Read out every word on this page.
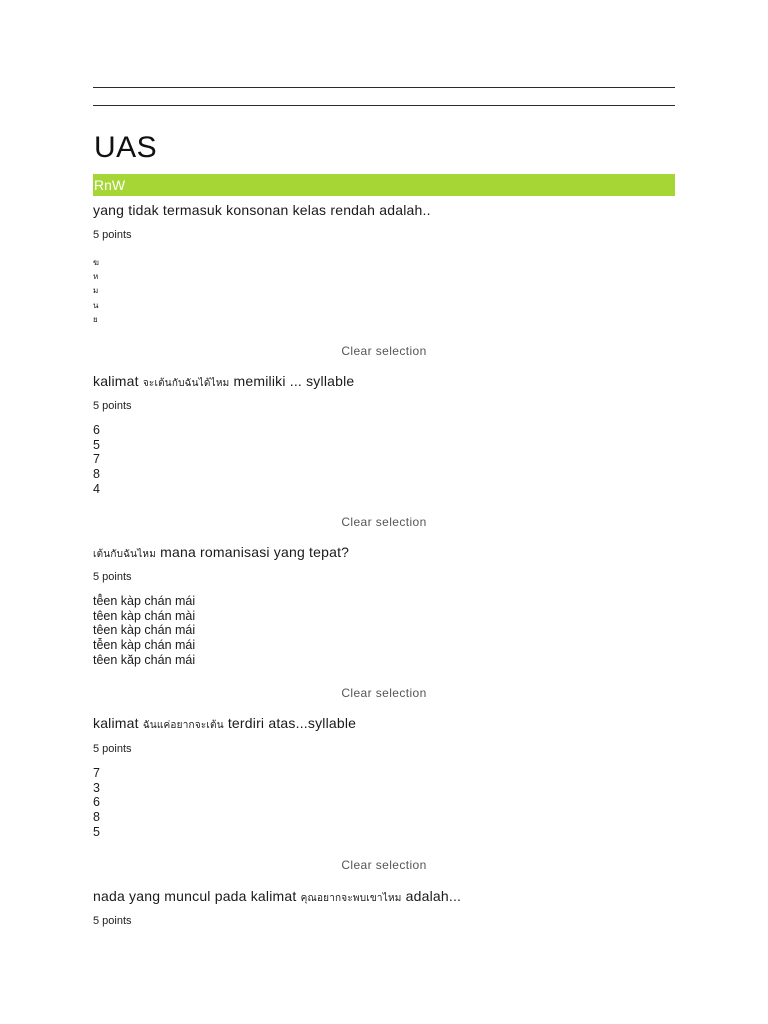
UAS
RnW
yang tidak termasuk konsonan kelas rendah adalah..
5 points
ฆ
ห
ม
น
ย
Clear selection
kalimat จะเต้นกับฉันได้ไหม memiliki ... syllable
5 points
6
5
7
8
4
Clear selection
เต้นกับฉันไหม mana romanisasi yang tepat?
5 points
tê̂en kàp chán mái
têen kàp chán mài
têen kàp chán mái
tê̄en kàp chán mái
têen kăp chán mái
Clear selection
kalimat ฉันแค่อยากจะเต้น terdiri atas...syllable
5 points
7
3
6
8
5
Clear selection
nada yang muncul pada kalimat คุณอยากจะพบเขาไหม adalah...
5 points
